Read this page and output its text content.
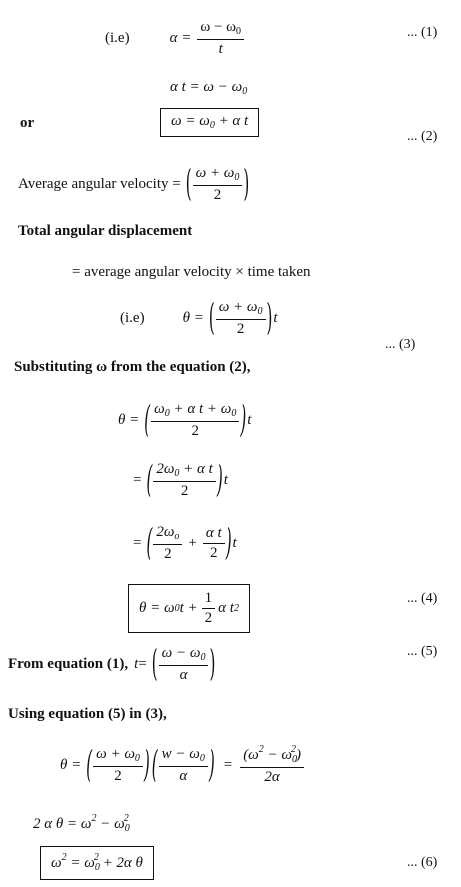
(i.e)	$\alpha = \frac{\omega - \omega_0}{t}$	... (1)
α $t = \omega - \omega_0$
or	$\omega = \omega_0 + \alpha$ t
... (2)
Average angular velocity = ( $\frac{\omega + \omega_0}{2}$ )
Total angular displacement
= average angular velocity × time taken
(i.e)	θ = ( $\frac{\omega + \omega_0}{2}$ ) t
... (3)
Substituting ω from the equation (2),
θ = ( $\frac{\omega_0 + \alpha t + \omega_0}{2}$ ) t
= ( $\frac{2\omega_0 + \alpha t}{2}$ ) t
= ( $\frac{2\omega_o}{2} + \frac{\text{α t}}{2}$ ) t
θ = ω 0 $t + \frac{1}{2}$ α t 2
... (4)
From equation (1), t = ( $\frac{\omega - \omega_0}{\alpha}$ )	... (5)
Using equation (5) in (3),
θ = ( $\frac{\omega + \omega_0}{2}$ ) ( $\frac{w - \omega_0}{\alpha}$ ) = $\frac{(\omega^2 - \omega_0^2)}{2\alpha}$
2 α $\theta = \omega^2 - \omega_0^2$
$\omega^2 = \omega_0^2 + 2\alpha$ θ	... (6)
